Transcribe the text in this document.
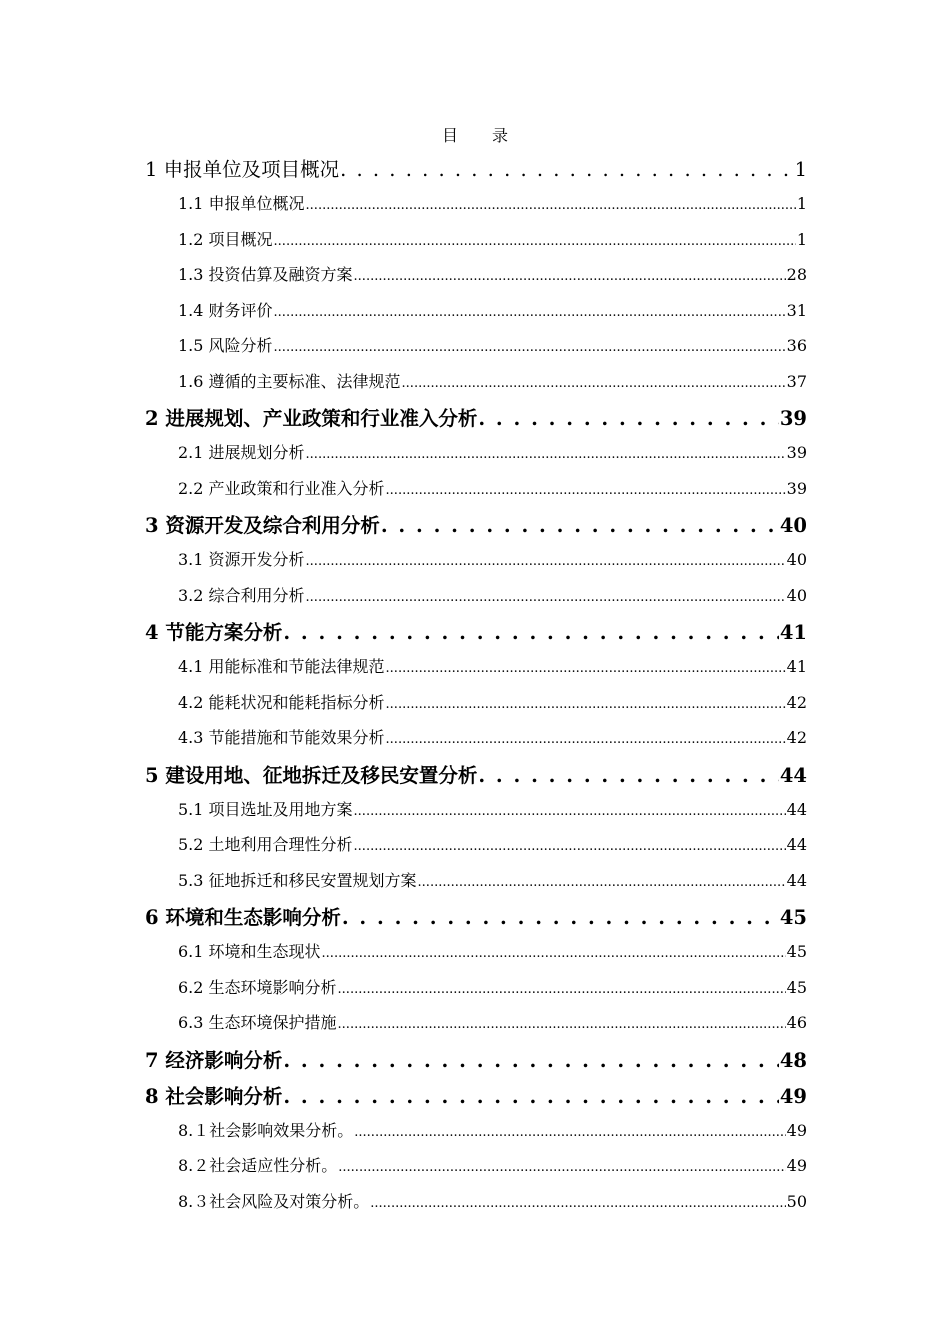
目录
1 申报单位及项目概况 . . .	1
1.1 申报单位概况 .....	1
1.2 项目概况 .....	1
1.3 投资估算及融资方案 .....	28
1.4 财务评价 .....	31
1.5 风险分析 .....	36
1.6 遵循的主要标准、法律规范 .....	37
2 进展规划、产业政策和行业准入分析 . . .	39
2.1 进展规划分析 .....	39
2.2 产业政策和行业准入分析 .....	39
3 资源开发及综合利用分析 . . .	40
3.1 资源开发分析 .....	40
3.2 综合利用分析 .....	40
4 节能方案分析 . . .	41
4.1 用能标准和节能法律规范 .....	41
4.2 能耗状况和能耗指标分析 .....	42
4.3 节能措施和节能效果分析 .....	42
5 建设用地、征地拆迁及移民安置分析 . . .	44
5.1 项目选址及用地方案 .....	44
5.2 土地利用合理性分析 .....	44
5.3 征地拆迁和移民安置规划方案 .....	44
6 环境和生态影响分析 . . .	45
6.1 环境和生态现状 .....	45
6.2 生态环境影响分析 .....	45
6.3 生态环境保护措施 .....	46
7 经济影响分析 . . .	48
8 社会影响分析 . . .	49
8.１社会影响效果分析。 .....	49
8.２社会适应性分析。 .....	49
8.３社会风险及对策分析。 .....	50
